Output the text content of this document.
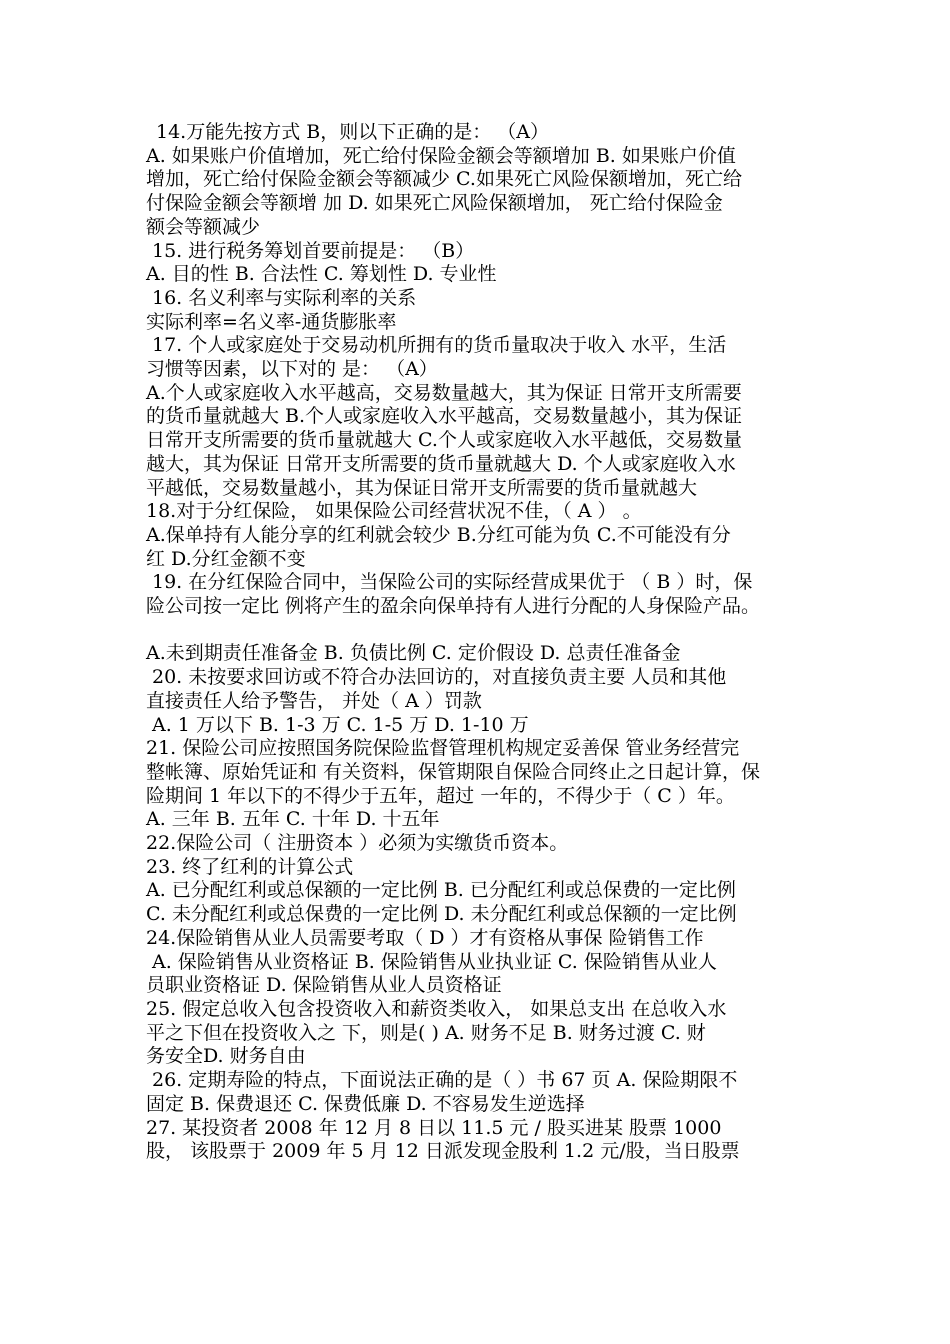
14.万能先按方式 B，则以下正确的是： （A）

A. 如果账户价值增加，死亡给付保险金额会等额增加 B. 如果账户价值

增加，死亡给付保险金额会等额减少 C.如果死亡风险保额增加，死亡给

付保险金额会等额增 加 D. 如果死亡风险保额增加， 死亡给付保险金

额会等额减少

15. 进行税务筹划首要前提是： （B）

A. 目的性 B. 合法性 C. 筹划性 D. 专业性

16. 名义利率与实际利率的关系

实际利率=名义率-通货膨胀率

17. 个人或家庭处于交易动机所拥有的货币量取决于收入 水平，生活

习惯等因素，以下对的 是： （A）

A.个人或家庭收入水平越高，交易数量越大，其为保证 日常开支所需要

的货币量就越大 B.个人或家庭收入水平越高，交易数量越小，其为保证

日常开支所需要的货币量就越大 C.个人或家庭收入水平越低，交易数量

越大，其为保证 日常开支所需要的货币量就越大 D. 个人或家庭收入水

平越低，交易数量越小，其为保证日常开支所需要的货币量就越大

18.对于分红保险， 如果保险公司经营状况不佳，（ A ） 。

A.保单持有人能分享的红利就会较少 B.分红可能为负 C.不可能没有分

红 D.分红金额不变

19. 在分红保险合同中，当保险公司的实际经营成果优于 （ B ）时，保

险公司按一定比 例将产生的盈余向保单持有人进行分配的人身保险产品。

A.未到期责任准备金 B. 负债比例 C. 定价假设 D. 总责任准备金

20. 未按要求回访或不符合办法回访的，对直接负责主要 人员和其他

直接责任人给予警告， 并处（ A ）罚款

A. 1 万以下 B. 1-3 万 C. 1-5 万 D. 1-10 万

21. 保险公司应按照国务院保险监督管理机构规定妥善保 管业务经营完

整帐簿、原始凭证和 有关资料，保管期限自保险合同终止之日起计算，保

险期间 1 年以下的不得少于五年，超过 一年的，不得少于（ C ）年。

A. 三年 B. 五年 C. 十年 D. 十五年

22.保险公司（ 注册资本 ）必须为实缴货币资本。

23. 终了红利的计算公式

A. 已分配红利或总保额的一定比例 B. 已分配红利或总保费的一定比例

C. 未分配红利或总保费的一定比例 D. 未分配红利或总保额的一定比例

24.保险销售从业人员需要考取（ D ）才有资格从事保 险销售工作

A. 保险销售从业资格证 B. 保险销售从业执业证 C. 保险销售从业人

员职业资格证 D. 保险销售从业人员资格证

25. 假定总收入包含投资收入和薪资类收入， 如果总支出 在总收入水

平之下但在投资收入之 下，则是( ) A. 财务不足 B. 财务过渡 C. 财

务安全D. 财务自由

26. 定期寿险的特点，下面说法正确的是（ ）书 67 页 A. 保险期限不

固定 B. 保费退还 C. 保费低廉 D. 不容易发生逆选择

27. 某投资者 2008 年 12 月 8 日以 11.5 元 / 股买进某 股票 1000

股， 该股票于 2009 年 5 月 12 日派发现金股利 1.2 元/股，当日股票
